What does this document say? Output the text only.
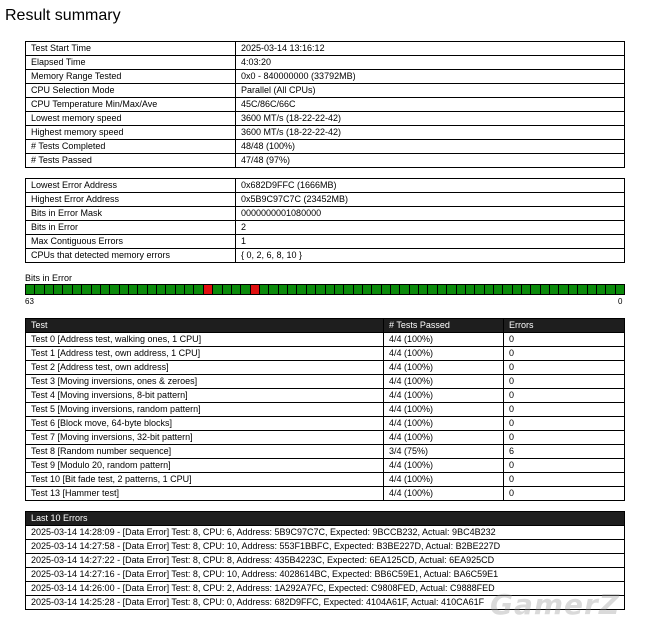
Result summary
Test Start Time	2025-03-14 13:16:12
Elapsed Time	4:03:20
Memory Range Tested	0x0 - 840000000 (33792MB)
CPU Selection Mode	Parallel (All CPUs)
CPU Temperature Min/Max/Ave	45C/86C/66C
Lowest memory speed	3600 MT/s (18-22-22-42)
Highest memory speed	3600 MT/s (18-22-22-42)
# Tests Completed	48/48 (100%)
# Tests Passed	47/48 (97%)
Lowest Error Address	0x682D9FFC (1666MB)
Highest Error Address	0x5B9C97C7C (23452MB)
Bits in Error Mask	0000000001080000
Bits in Error	2
Max Contiguous Errors	1
CPUs that detected memory errors	{ 0, 2, 6, 8, 10 }
Bits in Error
63	0
Test	# Tests Passed	Errors
Test 0 [Address test, walking ones, 1 CPU]	4/4 (100%)	0
Test 1 [Address test, own address, 1 CPU]	4/4 (100%)	0
Test 2 [Address test, own address]	4/4 (100%)	0
Test 3 [Moving inversions, ones & zeroes]	4/4 (100%)	0
Test 4 [Moving inversions, 8-bit pattern]	4/4 (100%)	0
Test 5 [Moving inversions, random pattern]	4/4 (100%)	0
Test 6 [Block move, 64-byte blocks]	4/4 (100%)	0
Test 7 [Moving inversions, 32-bit pattern]	4/4 (100%)	0
Test 8 [Random number sequence]	3/4 (75%)	6
Test 9 [Modulo 20, random pattern]	4/4 (100%)	0
Test 10 [Bit fade test, 2 patterns, 1 CPU]	4/4 (100%)	0
Test 13 [Hammer test]	4/4 (100%)	0
Last 10 Errors
2025-03-14 14:28:09 - [Data Error] Test: 8, CPU: 6, Address: 5B9C97C7C, Expected: 9BCCB232, Actual: 9BC4B232
2025-03-14 14:27:58 - [Data Error] Test: 8, CPU: 10, Address: 553F1BBFC, Expected: B3BE227D, Actual: B2BE227D
2025-03-14 14:27:22 - [Data Error] Test: 8, CPU: 8, Address: 435B4223C, Expected: 6EA125CD, Actual: 6EA925CD
2025-03-14 14:27:16 - [Data Error] Test: 8, CPU: 10, Address: 4028614BC, Expected: BB6C59E1, Actual: BA6C59E1
2025-03-14 14:26:00 - [Data Error] Test: 8, CPU: 2, Address: 1A292A7FC, Expected: C9808FED, Actual: C9888FED
2025-03-14 14:25:28 - [Data Error] Test: 8, CPU: 0, Address: 682D9FFC, Expected: 4104A61F, Actual: 410CA61F GamerZ
